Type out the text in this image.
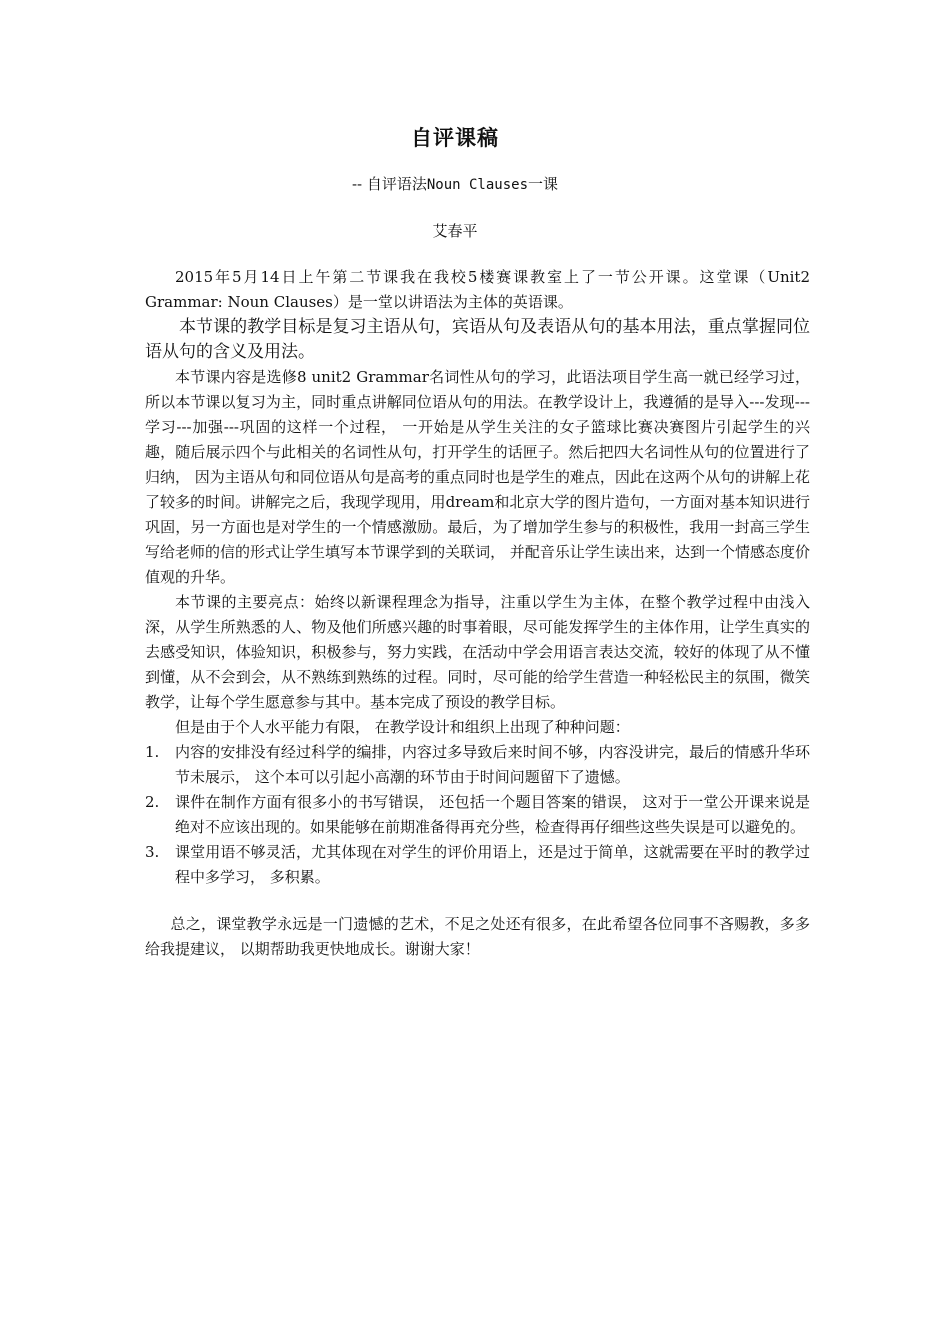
自评课稿
-- 自评语法Noun Clauses一课
艾春平

2015年5月14日上午第二节课我在我校5楼赛课教室上了一节公开课。这堂课（Unit2 Grammar: Noun Clauses）是一堂以讲语法为主体的英语课。

本节课的教学目标是复习主语从句，宾语从句及表语从句的基本用法，重点掌握同位语从句的含义及用法。

本节课内容是选修8 unit2 Grammar名词性从句的学习，此语法项目学生高一就已经学习过，所以本节课以复习为主，同时重点讲解同位语从句的用法。在教学设计上，我遵循的是导入---发现---学习---加强---巩固的这样一个过程， 一开始是从学生关注的女子篮球比赛决赛图片引起学生的兴趣，随后展示四个与此相关的名词性从句，打开学生的话匣子。然后把四大名词性从句的位置进行了归纳， 因为主语从句和同位语从句是高考的重点同时也是学生的难点，因此在这两个从句的讲解上花了较多的时间。讲解完之后，我现学现用，用dream和北京大学的图片造句，一方面对基本知识进行巩固，另一方面也是对学生的一个情感激励。最后，为了增加学生参与的积极性，我用一封高三学生写给老师的信的形式让学生填写本节课学到的关联词， 并配音乐让学生读出来，达到一个情感态度价值观的升华。

本节课的主要亮点：始终以新课程理念为指导，注重以学生为主体，在整个教学过程中由浅入深，从学生所熟悉的人、物及他们所感兴趣的时事着眼，尽可能发挥学生的主体作用，让学生真实的去感受知识，体验知识，积极参与，努力实践，在活动中学会用语言表达交流，较好的体现了从不懂到懂，从不会到会，从不熟练到熟练的过程。同时，尽可能的给学生营造一种轻松民主的氛围，微笑教学，让每个学生愿意参与其中。基本完成了预设的教学目标。

但是由于个人水平能力有限， 在教学设计和组织上出现了种种问题：

1. 内容的安排没有经过科学的编排，内容过多导致后来时间不够，内容没讲完，最后的情感升华环节未展示， 这个本可以引起小高潮的环节由于时间问题留下了遗憾。
2. 课件在制作方面有很多小的书写错误， 还包括一个题目答案的错误， 这对于一堂公开课来说是绝对不应该出现的。如果能够在前期准备得再充分些，检查得再仔细些这些失误是可以避免的。
3. 课堂用语不够灵活，尤其体现在对学生的评价用语上，还是过于简单，这就需要在平时的教学过程中多学习， 多积累。

总之，课堂教学永远是一门遗憾的艺术，不足之处还有很多，在此希望各位同事不吝赐教，多多给我提建议， 以期帮助我更快地成长。谢谢大家！
